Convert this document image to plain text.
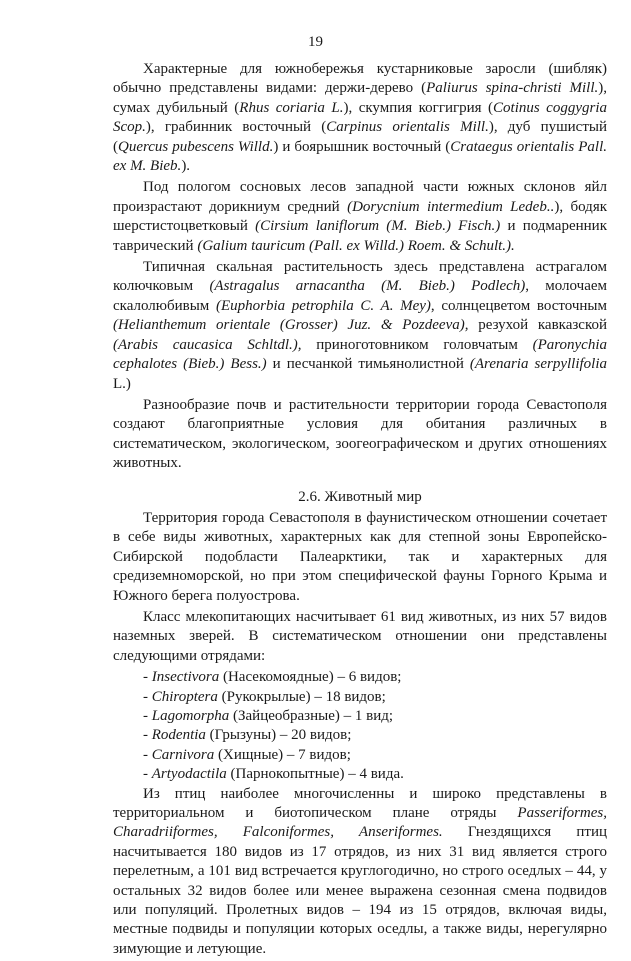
19

Характерные для южнобережья кустарниковые заросли (шибляк) обычно представлены видами: держи-дерево (Paliurus spina-christi Mill.), сумах дубильный (Rhus coriaria L.), скумпия коггигрия (Cotinus coggygria Scop.), грабинник восточный (Carpinus orientalis Mill.), дуб пушистый (Quercus pubescens Willd.) и боярышник восточный (Crataegus orientalis Pall. ex M. Bieb.).

Под пологом сосновых лесов западной части южных склонов яйл произрастают дорикниум средний (Dorycnium intermedium Ledeb..), бодяк шерстистоцветковый (Cirsium laniflorum (M. Bieb.) Fisch.) и подмаренник таврический (Galium tauricum (Pall. ex Willd.) Roem. & Schult.).

Типичная скальная растительность здесь представлена астрагалом колючковым (Astragalus arnacantha (M. Bieb.) Podlech), молочаем скалолюбивым (Euphorbia petrophila C. A. Mey), солнцецветом восточным (Helianthemum orientale (Grosser) Juz. & Pozdeeva), резухой кавказской (Arabis caucasica Schltdl.), приноготовником головчатым (Paronychia cephalotes (Bieb.) Bess.) и песчанкой тимьянолистной (Arenaria serpyllifolia L.)

Разнообразие почв и растительности территории города Севастополя создают благоприятные условия для обитания различных в систематическом, экологическом, зоогеографическом и других отношениях животных.

2.6. Животный мир

Территория города Севастополя в фаунистическом отношении сочетает в себе виды животных, характерных как для степной зоны Европейско-Сибирской подобласти Палеарктики, так и характерных для средиземноморской, но при этом специфической фауны Горного Крыма и Южного берега полуострова.

Класс млекопитающих насчитывает 61 вид животных, из них 57 видов наземных зверей. В систематическом отношении они представлены следующими отрядами:

- Insectivora (Насекомоядные) – 6 видов;
- Chiroptera (Рукокрылые) – 18 видов;
- Lagomorpha (Зайцеобразные) – 1 вид;
- Rodentia (Грызуны) – 20 видов;
- Carnivora (Хищные) – 7 видов;
- Artyodactila (Парнокопытные) – 4 вида.

Из птиц наиболее многочисленны и широко представлены в территориальном и биотопическом плане отряды Passeriformes, Charadriiformes, Falconiformes, Anseriformes. Гнездящихся птиц насчитывается 180 видов из 17 отрядов, из них 31 вид является строго перелетным, а 101 вид встречается круглогодично, но строго оседлых – 44, у остальных 32 видов более или менее выражена сезонная смена подвидов или популяций. Пролетных видов – 194 из 15 отрядов, включая виды, местные подвиды и популяции которых оседлы, а также виды, нерегулярно зимующие и летующие.
